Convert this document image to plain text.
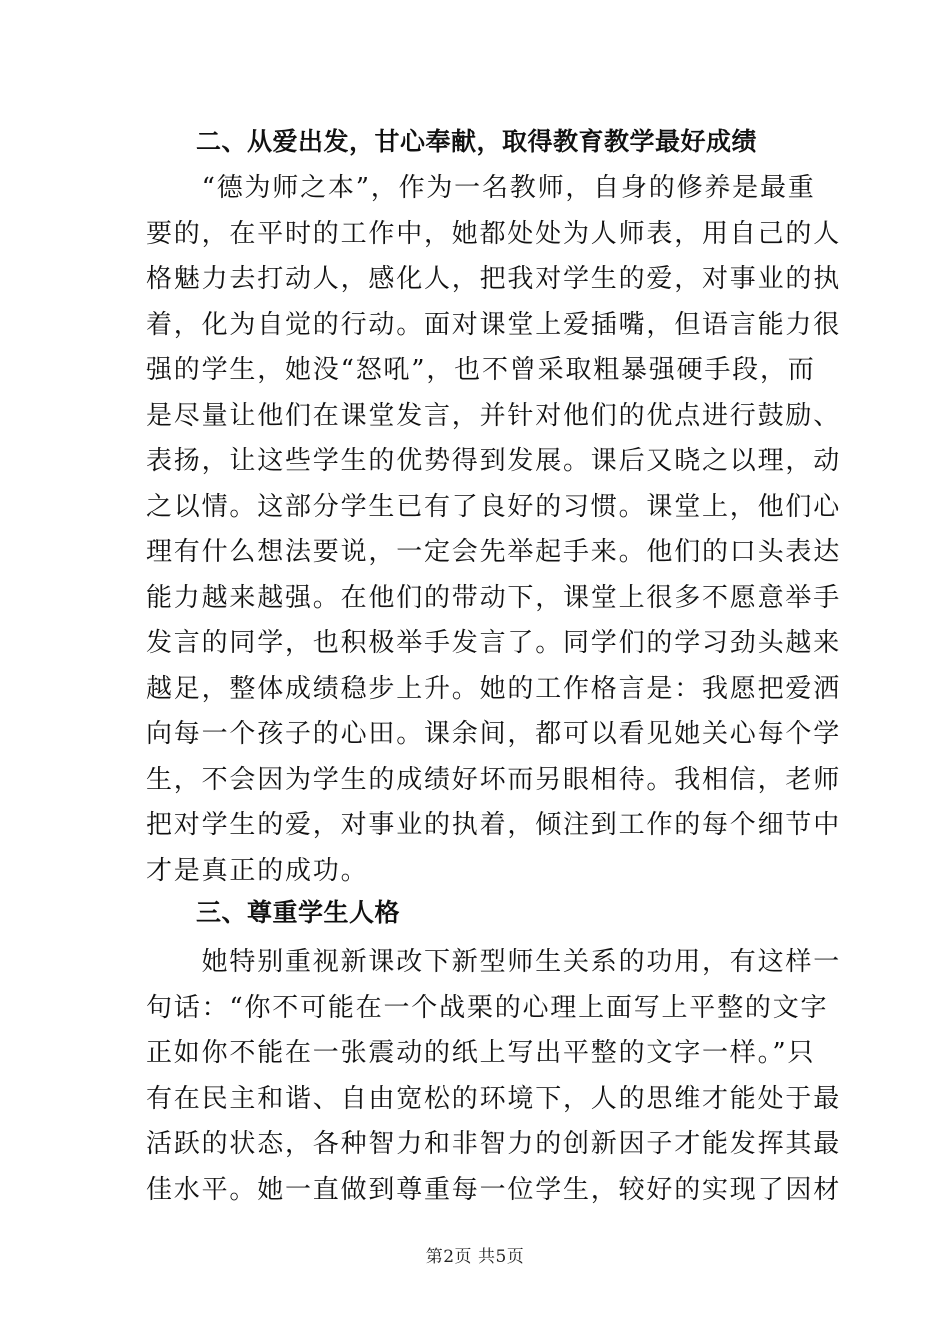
二、从爱出发，甘心奉献，取得教育教学最好成绩
　　“德为师之本”，作为一名教师，自身的修养是最重
要的，在平时的工作中，她都处处为人师表，用自己的人
格魅力去打动人，感化人，把我对学生的爱，对事业的执
着，化为自觉的行动。面对课堂上爱插嘴，但语言能力很
强的学生，她没“怒吼”，也不曾采取粗暴强硬手段，而
是尽量让他们在课堂发言，并针对他们的优点进行鼓励、
表扬，让这些学生的优势得到发展。课后又晓之以理，动
之以情。这部分学生已有了良好的习惯。课堂上，他们心
理有什么想法要说，一定会先举起手来。他们的口头表达
能力越来越强。在他们的带动下，课堂上很多不愿意举手
发言的同学，也积极举手发言了。同学们的学习劲头越来
越足，整体成绩稳步上升。她的工作格言是：我愿把爱洒
向每一个孩子的心田。课余间，都可以看见她关心每个学
生，不会因为学生的成绩好坏而另眼相待。我相信，老师
把对学生的爱，对事业的执着，倾注到工作的每个细节中
才是真正的成功。
三、尊重学生人格
　　她特别重视新课改下新型师生关系的功用，有这样一
句话：“你不可能在一个战栗的心理上面写上平整的文字
正如你不能在一张震动的纸上写出平整的文字一样。”只
有在民主和谐、自由宽松的环境下，人的思维才能处于最
活跃的状态，各种智力和非智力的创新因子才能发挥其最
佳水平。她一直做到尊重每一位学生，较好的实现了因材
第2页 共5页
